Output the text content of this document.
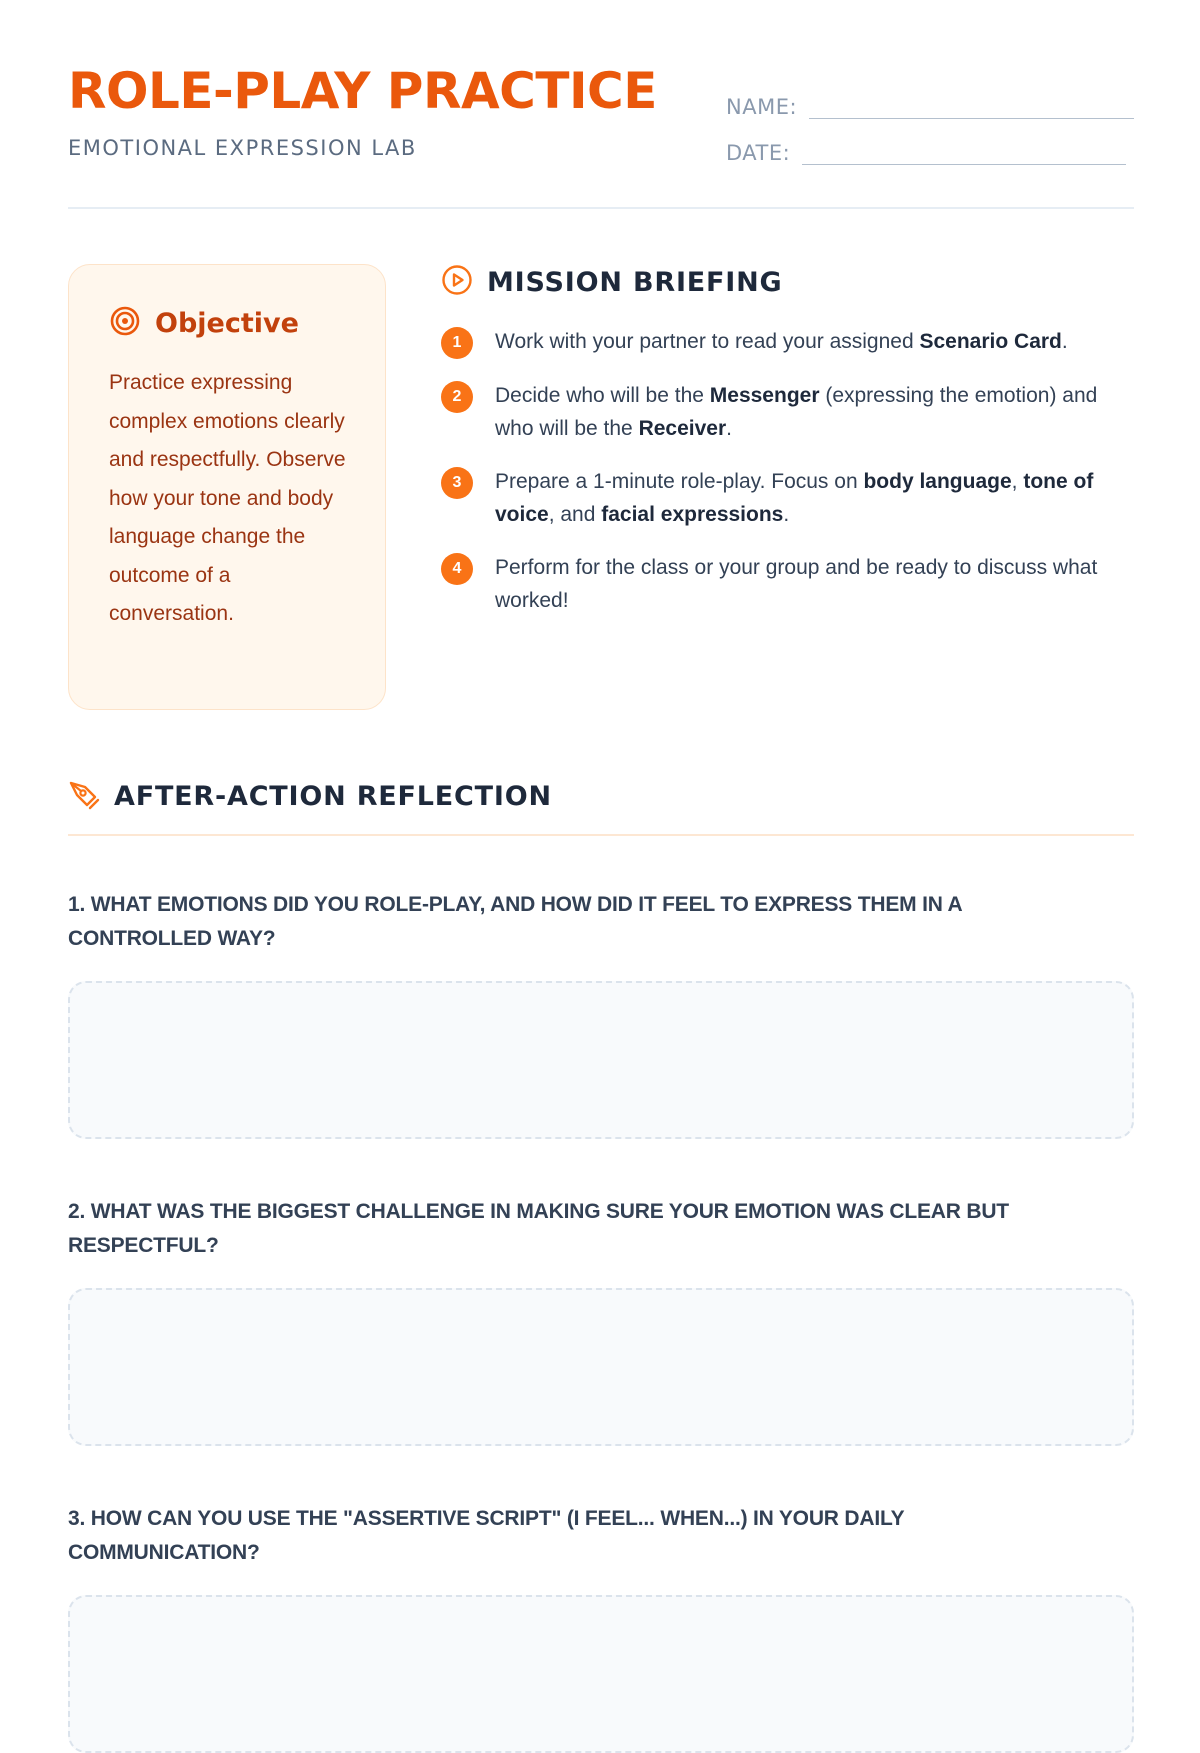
ROLE-PLAY PRACTICE
EMOTIONAL EXPRESSION LAB
NAME:
DATE:
Objective

Practice expressing complex emotions clearly and respectfully. Observe how your tone and body language change the outcome of a conversation.

MISSION BRIEFING
1	Work with your partner to read your assigned Scenario Card.
2	Decide who will be the Messenger (expressing the emotion) and who will be the Receiver.
3	Prepare a 1-minute role-play. Focus on body language, tone of voice, and facial expressions.
4	Perform for the class or your group and be ready to discuss what worked!
AFTER-ACTION REFLECTION

1. WHAT EMOTIONS DID YOU ROLE-PLAY, AND HOW DID IT FEEL TO EXPRESS THEM IN A CONTROLLED WAY?

2. WHAT WAS THE BIGGEST CHALLENGE IN MAKING SURE YOUR EMOTION WAS CLEAR BUT RESPECTFUL?

3. HOW CAN YOU USE THE "ASSERTIVE SCRIPT" (I FEEL... WHEN...) IN YOUR DAILY COMMUNICATION?
